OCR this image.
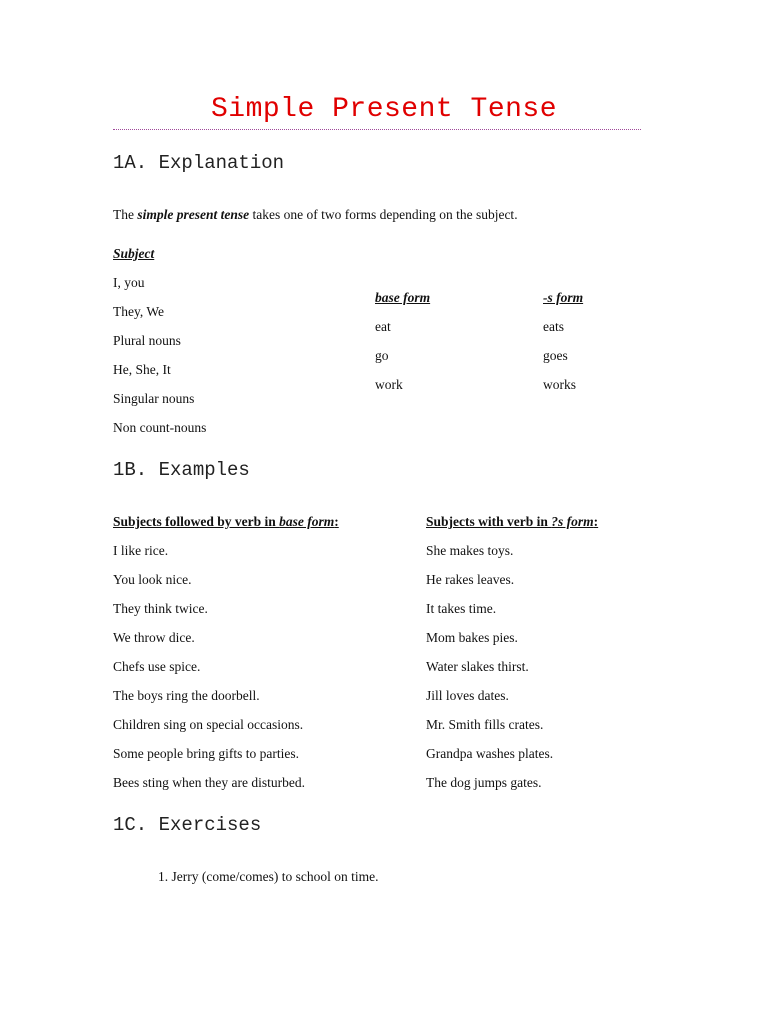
Simple Present Tense
1A. Explanation
The simple present tense takes one of two forms depending on the subject.
Subject
I, you
They, We
Plural nouns
He, She, It
Singular nouns
Non count-nouns
base form	-s form
eat
go
work
eats
goes
works
1B. Examples
Subjects followed by verb in base form:	Subjects with verb in ?s form:
I like rice.
You look nice.
They think twice.
We throw dice.
Chefs use spice.
The boys ring the doorbell.
Children sing on special occasions.
Some people bring gifts to parties.
Bees sting when they are disturbed.
She makes toys.
He rakes leaves.
It takes time.
Mom bakes pies.
Water slakes thirst.
Jill loves dates.
Mr. Smith fills crates.
Grandpa washes plates.
The dog jumps gates.
1C. Exercises
1. Jerry (come/comes) to school on time.
